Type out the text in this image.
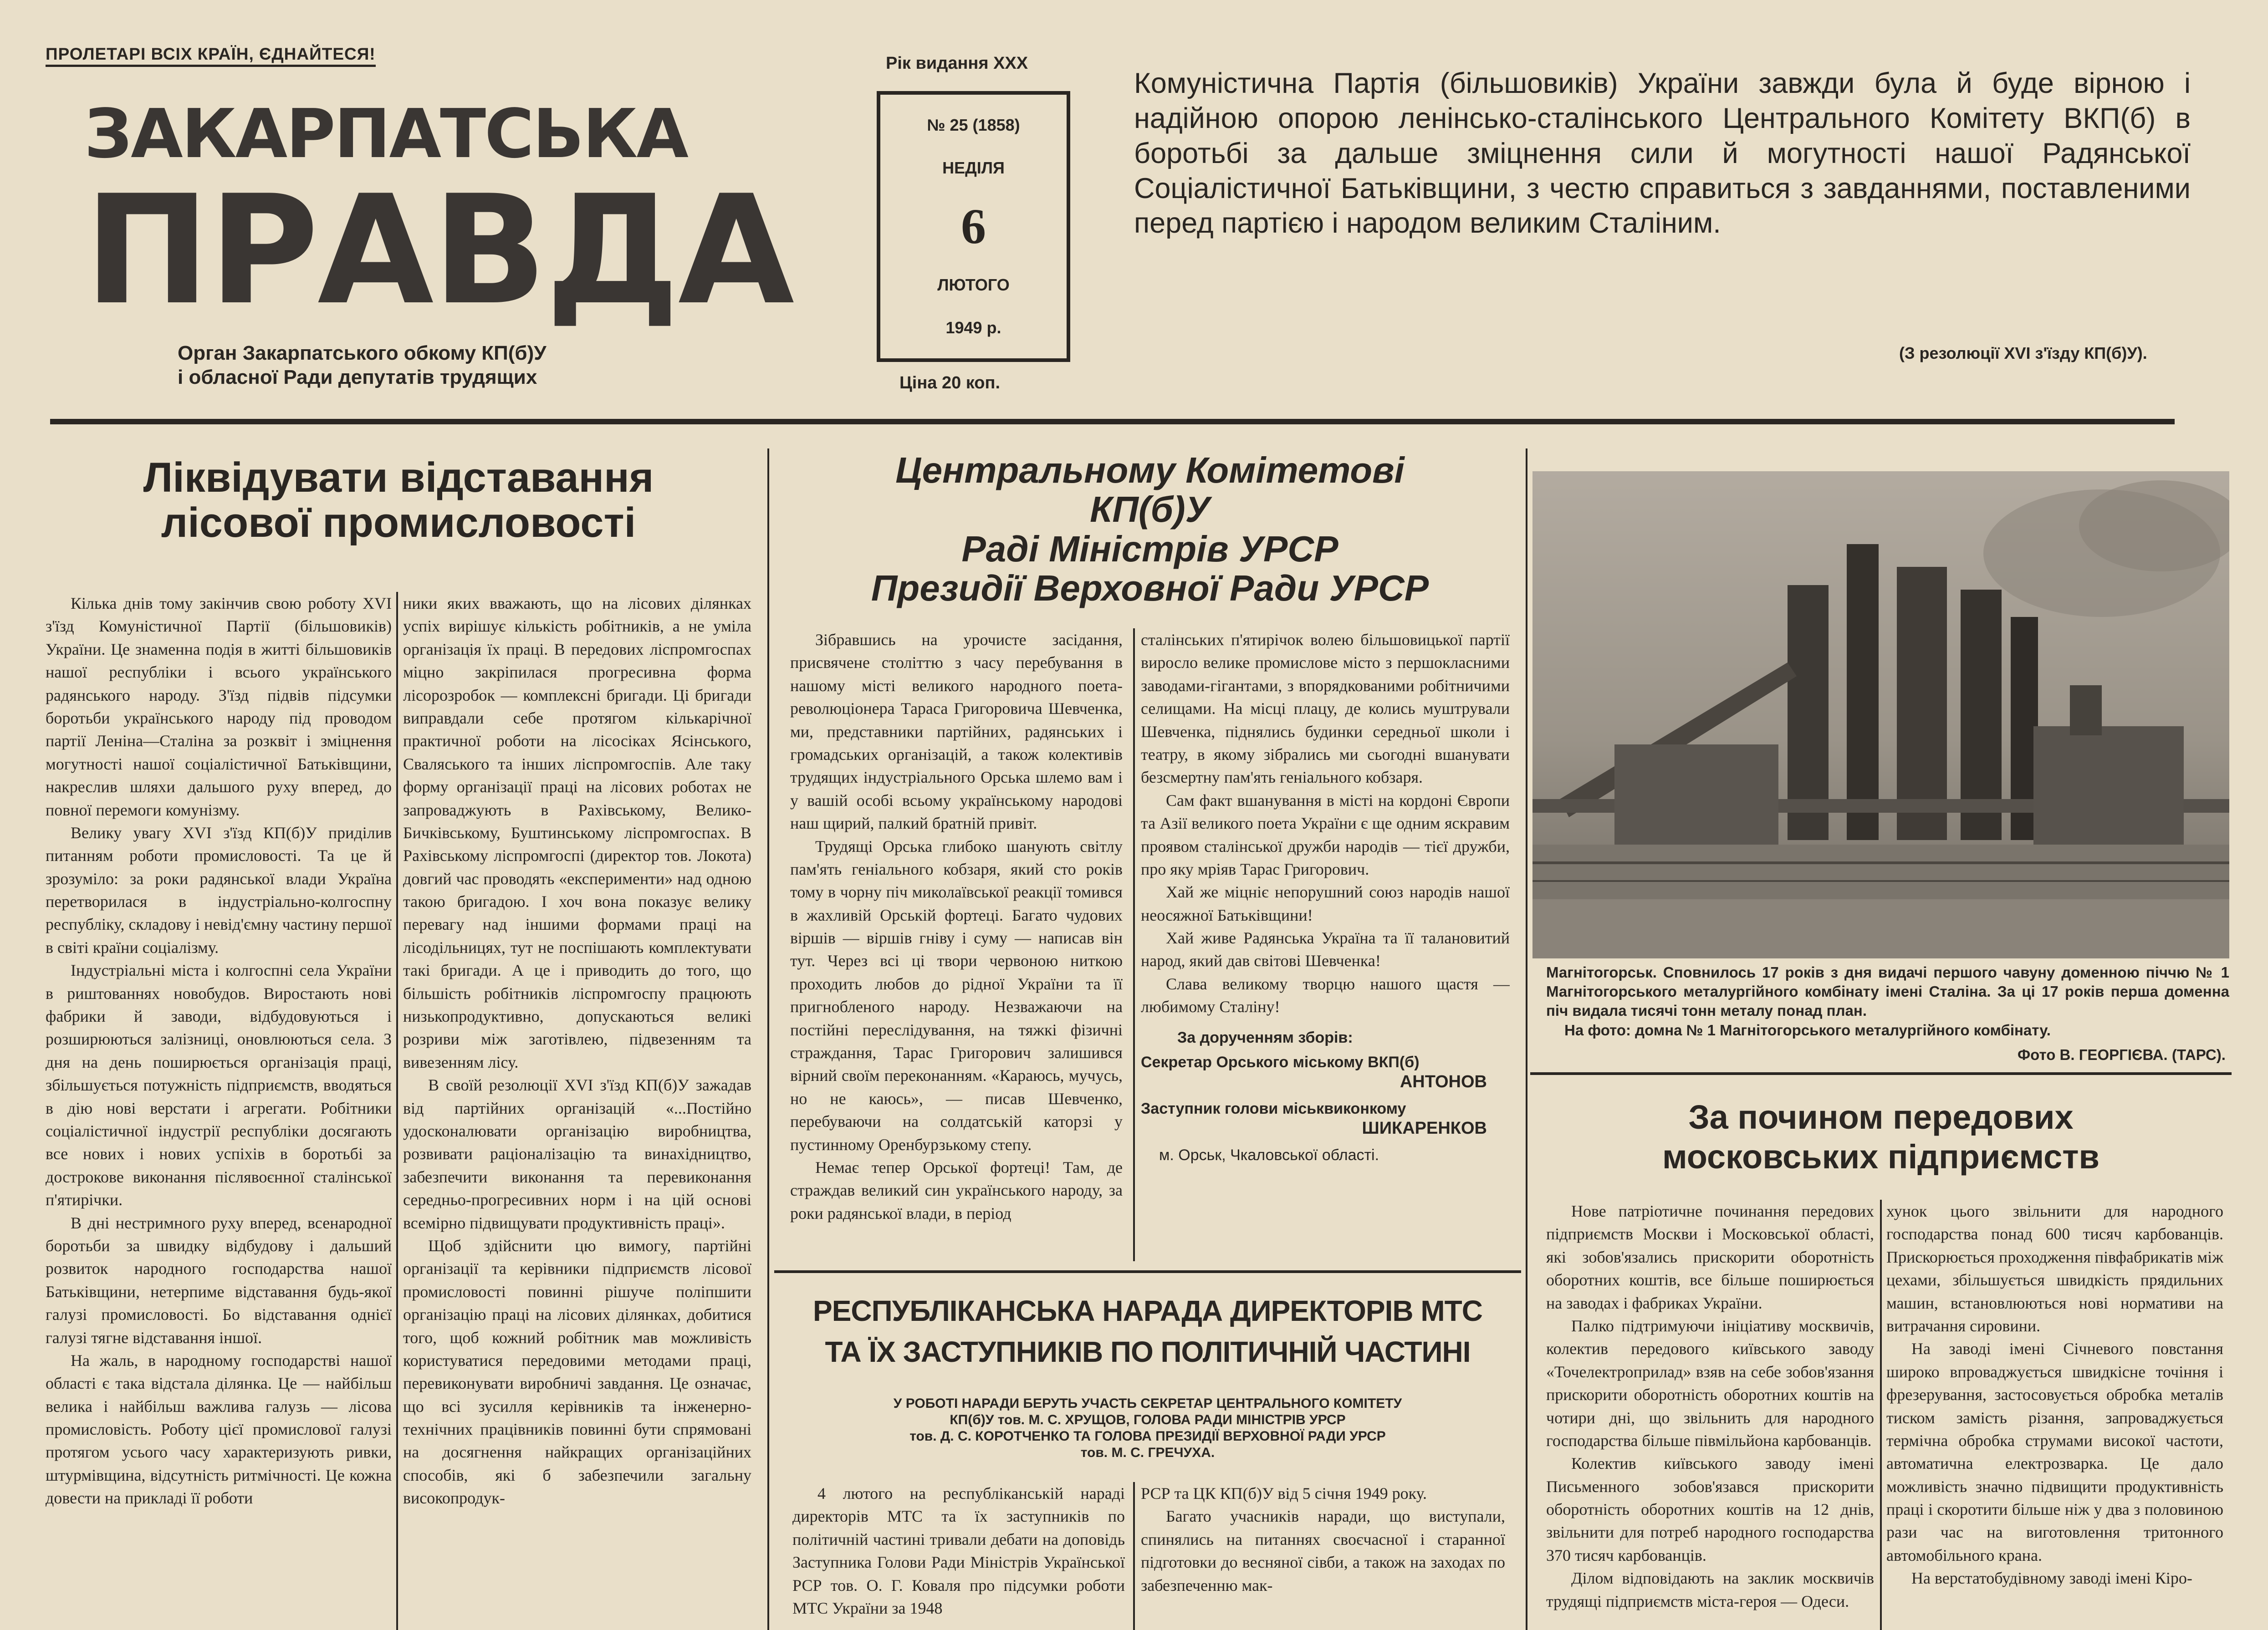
ПРОЛЕТАРІ ВСІХ КРАЇН, ЄДНАЙТЕСЯ!
ЗАКАРПАТСЬКА
ПРАВДА
Орган Закарпатського обкому КП(б)У
і обласної Ради депутатів трудящих
Рік видання XXX
№ 25 (1858)
НЕДІЛЯ
6
ЛЮТОГО
1949 р.
Ціна 20 коп.
Комуністична Партія (більшовиків) України завжди була й буде вірною і надійною опорою ленінсько-сталінського Центрального Комітету ВКП(б) в боротьбі за дальше зміцнення сили й могутності нашої Радянської Соціалістичної Батьківщини, з честю справиться з завданнями, поставленими перед партією і народом великим Сталіним.
(З резолюції XVI з'їзду КП(б)У).
Ліквідувати відставання
лісової промисловості

Кілька днів тому закінчив свою роботу XVI з'їзд Комуністичної Партії (більшовиків) України. Це знаменна подія в житті більшовиків нашої республіки і всього українського радянського народу. З'їзд підвів підсумки боротьби українського народу під проводом партії Леніна—Сталіна за розквіт і зміцнення могутності нашої соціалістичної Батьківщини, накреслив шляхи дальшого руху вперед, до повної перемоги комунізму.

Велику увагу XVI з'їзд КП(б)У приділив питанням роботи промисловості. Та це й зрозуміло: за роки радянської влади Україна перетворилася в індустріально-колгоспну республіку, складову і невід'ємну частину першої в світі країни соціалізму.

Індустріальні міста і колгоспні села України в риштованнях новобудов. Виростають нові фабрики й заводи, відбудовуються і розширюються залізниці, оновлюються села. З дня на день поширюється організація праці, збільшується потужність підприємств, вводяться в дію нові верстати і агрегати. Робітники соціалістичної індустрії республіки досягають все нових і нових успіхів в боротьбі за дострокове виконання післявоєнної сталінської п'ятирічки.

В дні нестримного руху вперед, всенародної боротьби за швидку відбудову і дальший розвиток народного господарства нашої Батьківщини, нетерпиме відставання будь-якої галузі промисловості. Бо відставання однієї галузі тягне відставання іншої.

На жаль, в народному господарстві нашої області є така відстала ділянка. Це — найбільш велика і найбільш важлива галузь — лісова промисловість. Роботу цієї промислової галузі протягом усього часу характеризують ривки, штурмівщина, відсутність ритмічності. Це кожна довести на прикладі її роботи

ники яких вважають, що на лісових ділянках успіх вирішує кількість робітників, а не уміла організація їх праці. В передових ліспромгоспах міцно закріпилася прогресивна форма лісорозробок — комплексні бригади. Ці бригади виправдали себе протягом кількарічної практичної роботи на лісосіках Ясінського, Сваляського та інших ліспромгоспів. Але таку форму організації праці на лісових роботах не запроваджують в Рахівському, Велико-Бичківському, Буштинському ліспромгоспах. В Рахівському ліспромгоспі (директор тов. Локота) довгий час проводять «експерименти» над одною такою бригадою. І хоч вона показує велику перевагу над іншими формами праці на лісодільницях, тут не поспішають комплектувати такі бригади. А це і приводить до того, що більшість робітників ліспромгоспу працюють низькопродуктивно, допускаються великі розриви між заготівлею, підвезенням та вивезенням лісу.

В своїй резолюції XVI з'їзд КП(б)У зажадав від партійних організацій «...Постійно удосконалювати організацію виробництва, розвивати раціоналізацію та винахідництво, забезпечити виконання та перевиконання середньо-прогресивних норм і на цій основі всемірно підвищувати продуктивність праці».

Щоб здійснити цю вимогу, партійні організації та керівники підприємств лісової промисловості повинні рішуче поліпшити організацію праці на лісових ділянках, добитися того, щоб кожний робітник мав можливість користуватися передовими методами праці, перевиконувати виробничі завдання. Це означає, що всі зусилля керівників та інженерно-технічних працівників повинні бути спрямовані на досягнення найкращих організаційних способів, які б забезпечили загальну високопродук-

Центральному Комітетові
КП(б)У
Раді Міністрів УРСР
Президії Верховної Ради УРСР

Зібравшись на урочисте засідання, присвячене століттю з часу перебування в нашому місті великого народного поета-революціонера Тараса Григоровича Шевченка, ми, представники партійних, радянських і громадських організацій, а також колективів трудящих індустріального Орська шлемо вам і у вашій особі всьому українському народові наш щирий, палкий братній привіт.

Трудящі Орська глибоко шанують світлу пам'ять геніального кобзаря, який сто років тому в чорну піч миколаївської реакції томився в жахливій Орській фортеці. Багато чудових віршів — віршів гніву і суму — написав він тут. Через всі ці твори червоною ниткою проходить любов до рідної України та її пригнобленого народу. Незважаючи на постійні переслідування, на тяжкі фізичні страждання, Тарас Григорович залишився вірний своїм переконанням. «Караюсь, мучусь, но не каюсь», — писав Шевченко, перебуваючи на солдатській каторзі у пустинному Оренбурзькому степу.

Немає тепер Орської фортеці! Там, де страждав великий син українського народу, за роки радянської влади, в період

сталінських п'ятирічок волею більшовицької партії виросло велике промислове місто з першокласними заводами-гігантами, з впорядкованими робітничими селищами. На місці плацу, де колись муштрували Шевченка, піднялись будинки середньої школи і театру, в якому зібрались ми сьогодні вшанувати безсмертну пам'ять геніального кобзаря.

Сам факт вшанування в місті на кордоні Європи та Азії великого поета України є ще одним яскравим проявом сталінської дружби народів — тієї дружби, про яку мріяв Тарас Григорович.

Хай же міцніє непорушний союз народів нашої неосяжної Батьківщини!

Хай живе Радянська Україна та її талановитий народ, який дав світові Шевченка!

Слава великому творцю нашого щастя — любимому Сталіну!

За дорученням зборів:
Секретар Орського міському ВКП(б)
АНТОНОВ
Заступник голови міськвиконкому
ШИКАРЕНКОВ
м. Орськ, Чкаловської області.
РЕСПУБЛІКАНСЬКА НАРАДА ДИРЕКТОРІВ МТС
ТА ЇХ ЗАСТУПНИКІВ ПО ПОЛІТИЧНІЙ ЧАСТИНІ
У РОБОТІ НАРАДИ БЕРУТЬ УЧАСТЬ СЕКРЕТАР ЦЕНТРАЛЬНОГО КОМІТЕТУ
КП(б)У тов. М. С. ХРУЩОВ, ГОЛОВА РАДИ МІНІСТРІВ УРСР
тов. Д. С. КОРОТЧЕНКО ТА ГОЛОВА ПРЕЗИДІЇ ВЕРХОВНОЇ РАДИ УРСР
тов. М. С. ГРЕЧУХА.

4 лютого на республіканській нараді директорів МТС та їх заступників по політичній частині тривали дебати на доповідь Заступника Голови Ради Міністрів Української РСР тов. О. Г. Коваля про підсумки роботи МТС України за 1948

РСР та ЦК КП(б)У від 5 січня 1949 року.

Багато учасників наради, що виступали, спинялись на питаннях своєчасної і старанної підготовки до весняної сівби, а також на заходах по забезпеченню мак-

Магнітогорськ. Сповнилось 17 років з дня видачі першого чавуну доменною піччю № 1 Магнітогорського металургійного комбінату імені Сталіна. За ці 17 років перша доменна піч видала тисячі тонн металу понад план.
На фото: домна № 1 Магнітогорського металургійного комбінату.
Фото В. ГЕОРГІЄВА. (ТАРС).
За почином передових
московських підприємств

Нове патріотичне починання передових підприємств Москви і Московської області, які зобов'язались прискорити оборотність оборотних коштів, все більше поширюється на заводах і фабриках України.

Палко підтримуючи ініціативу москвичів, колектив передового київського заводу «Точелектроприлад» взяв на себе зобов'язання прискорити оборотність оборотних коштів на чотири дні, що звільнить для народного господарства більше півмільйона карбованців.

Колектив київського заводу імені Письменного зобов'язався прискорити оборотність оборотних коштів на 12 днів, звільнити для потреб народного господарства 370 тисяч карбованців.

Ділом відповідають на заклик москвичів трудящі підприємств міста-героя — Одеси.

хунок цього звільнити для народного господарства понад 600 тисяч карбованців. Прискорюється проходження півфабрикатів між цехами, збільшується швидкість прядильних машин, встановлюються нові нормативи на витрачання сировини.

На заводі імені Січневого повстання широко впроваджується швидкісне точіння і фрезерування, застосовується обробка металів тиском замість різання, запроваджується термічна обробка струмами високої частоти, автоматична електрозварка. Це дало можливість значно підвищити продуктивність праці і скоротити більше ніж у два з половиною рази час на виготовлення тритонного автомобільного крана.

На верстатобудівному заводі імені Кіро-
